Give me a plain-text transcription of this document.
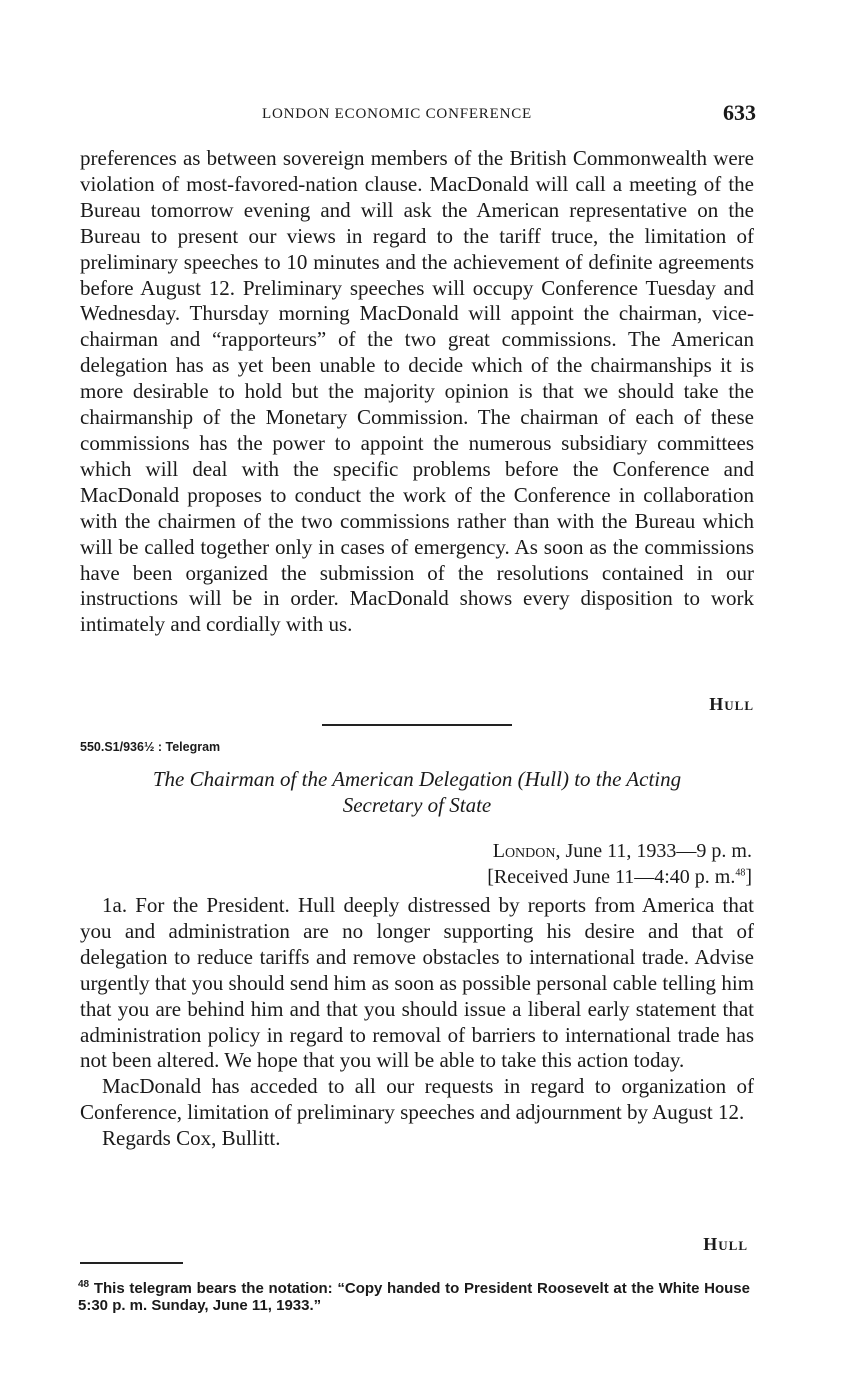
LONDON ECONOMIC CONFERENCE	633

preferences as between sovereign members of the British Commonwealth were violation of most-favored-nation clause. MacDonald will call a meeting of the Bureau tomorrow evening and will ask the American representative on the Bureau to present our views in regard to the tariff truce, the limitation of preliminary speeches to 10 minutes and the achievement of definite agreements before August 12. Preliminary speeches will occupy Conference Tuesday and Wednesday. Thursday morning MacDonald will appoint the chairman, vice-chairman and “rapporteurs” of the two great commissions. The American delegation has as yet been unable to decide which of the chairmanships it is more desirable to hold but the majority opinion is that we should take the chairmanship of the Monetary Commission. The chairman of each of these commissions has the power to appoint the numerous subsidiary committees which will deal with the specific problems before the Conference and MacDonald proposes to conduct the work of the Conference in collaboration with the chairmen of the two commissions rather than with the Bureau which will be called together only in cases of emergency. As soon as the commissions have been organized the submission of the resolutions contained in our instructions will be in order. MacDonald shows every disposition to work intimately and cordially with us.

Hull
550.S1/936½ : Telegram
The Chairman of the American Delegation (Hull) to the Acting
Secretary of State
London, June 11, 1933—9 p. m.
[Received June 11—4:40 p. m.$^{48}$]

1a. For the President. Hull deeply distressed by reports from America that you and administration are no longer supporting his desire and that of delegation to reduce tariffs and remove obstacles to international trade. Advise urgently that you should send him as soon as possible personal cable telling him that you are behind him and that you should issue a liberal early statement that administration policy in regard to removal of barriers to international trade has not been altered. We hope that you will be able to take this action today.

MacDonald has acceded to all our requests in regard to organization of Conference, limitation of preliminary speeches and adjournment by August 12.

Regards Cox, Bullitt.

Hull
$^{48}$ This telegram bears the notation: “Copy handed to President Roosevelt at the White House 5:30 p. m. Sunday, June 11, 1933.”
